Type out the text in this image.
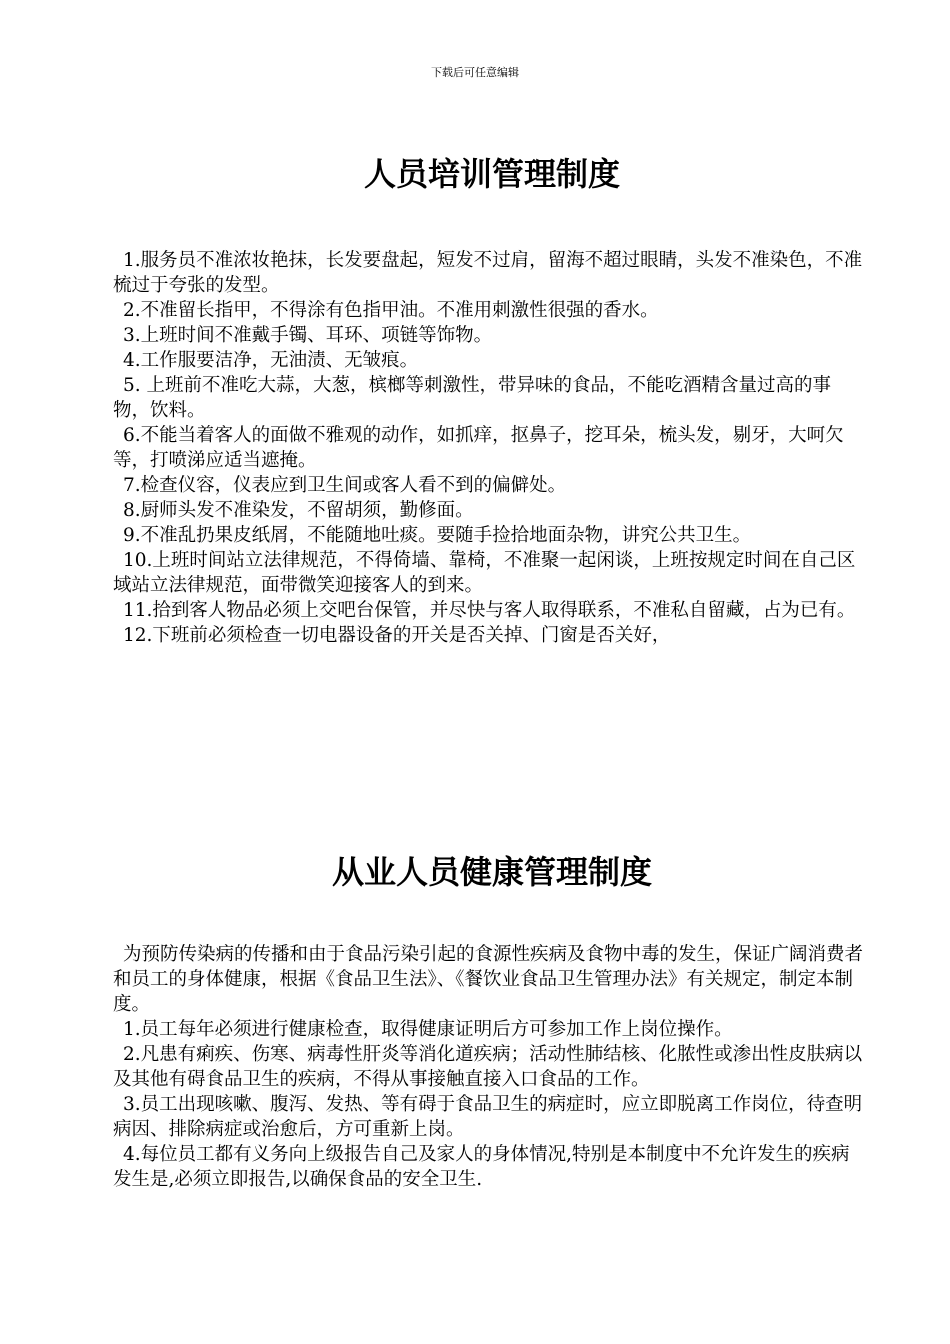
下载后可任意编辑
人员培训管理制度
1.服务员不准浓妆艳抹，长发要盘起，短发不过肩，留海不超过眼睛，头发不准染色，不准梳过于夸张的发型。
2.不准留长指甲，不得涂有色指甲油。不准用刺激性很强的香水。
3.上班时间不准戴手镯、耳环、项链等饰物。
4.工作服要洁净，无油渍、无皱痕。
5. 上班前不准吃大蒜，大葱，槟榔等刺激性，带异味的食品，不能吃酒精含量过高的事物，饮料。
6.不能当着客人的面做不雅观的动作，如抓痒，抠鼻子，挖耳朵，梳头发，剔牙，大呵欠等，打喷涕应适当遮掩。
7.检查仪容，仪表应到卫生间或客人看不到的偏僻处。
8.厨师头发不准染发，不留胡须，勤修面。
9.不准乱扔果皮纸屑，不能随地吐痰。要随手捡拾地面杂物，讲究公共卫生。
10.上班时间站立法律规范，不得倚墙、靠椅，不准聚一起闲谈，上班按规定时间在自己区域站立法律规范，面带微笑迎接客人的到来。
11.拾到客人物品必须上交吧台保管，并尽快与客人取得联系，不准私自留藏，占为已有。
12.下班前必须检查一切电器设备的开关是否关掉、门窗是否关好，
从业人员健康管理制度
为预防传染病的传播和由于食品污染引起的食源性疾病及食物中毒的发生，保证广阔消费者和员工的身体健康，根据《食品卫生法》、《餐饮业食品卫生管理办法》有关规定，制定本制度。
1.员工每年必须进行健康检查，取得健康证明后方可参加工作上岗位操作。
2.凡患有痢疾、伤寒、病毒性肝炎等消化道疾病；活动性肺结核、化脓性或渗出性皮肤病以及其他有碍食品卫生的疾病，不得从事接触直接入口食品的工作。
3.员工出现咳嗽、腹泻、发热、等有碍于食品卫生的病症时，应立即脱离工作岗位，待查明病因、排除病症或治愈后，方可重新上岗。
4.每位员工都有义务向上级报告自己及家人的身体情况,特别是本制度中不允许发生的疾病发生是,必须立即报告,以确保食品的安全卫生.
